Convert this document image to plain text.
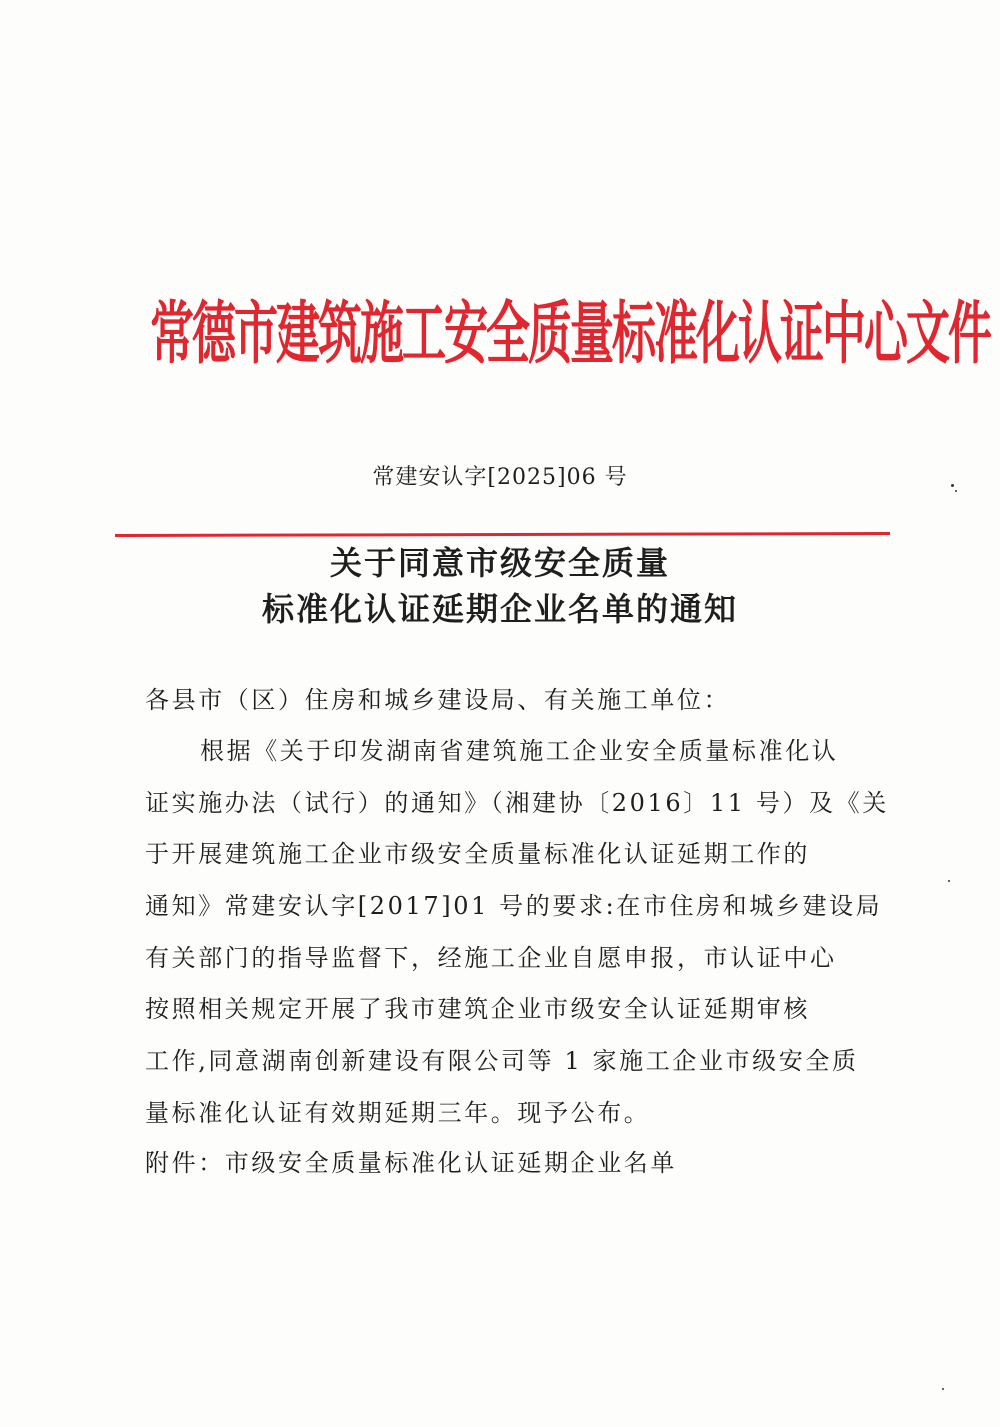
常德市建筑施工安全质量标准化认证中心文件
常建安认字[2025]06 号
关于同意市级安全质量
标准化认证延期企业名单的通知
各县市（区）住房和城乡建设局、有关施工单位：
根据《关于印发湖南省建筑施工企业安全质量标准化认
证实施办法（试行）的通知》（湘建协〔2016〕11 号）及《关
于开展建筑施工企业市级安全质量标准化认证延期工作的
通知》常建安认字[2017]01 号的要求:在市住房和城乡建设局
有关部门的指导监督下，经施工企业自愿申报，市认证中心
按照相关规定开展了我市建筑企业市级安全认证延期审核
工作,同意湖南创新建设有限公司等 1 家施工企业市级安全质
量标准化认证有效期延期三年。现予公布。
附件：市级安全质量标准化认证延期企业名单
